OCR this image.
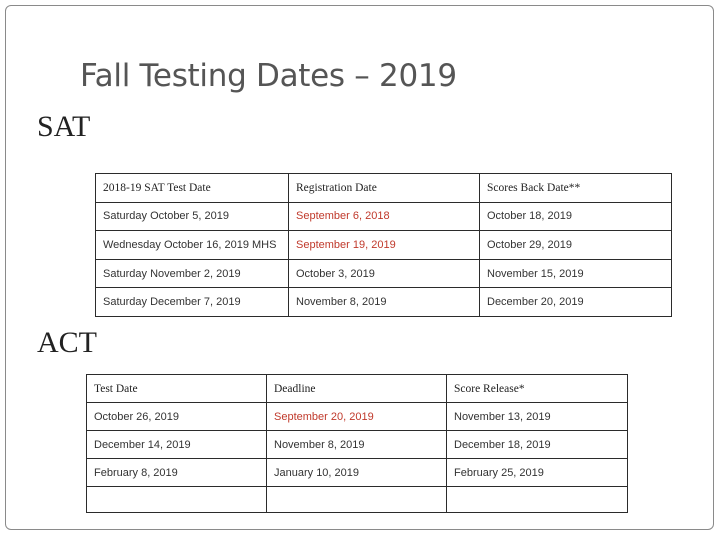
Fall Testing Dates – 2019
SAT
2018-19 SAT Test Date	Registration Date	Scores Back Date**
Saturday October 5, 2019	September 6, 2018	October 18, 2019
Wednesday October 16, 2019 MHS	September 19, 2019	October 29, 2019
Saturday November 2, 2019	October 3, 2019	November 15, 2019
Saturday December 7, 2019	November 8, 2019	December 20, 2019
ACT
Test Date	Deadline	Score Release*
October 26, 2019	September 20, 2019	November 13, 2019
December 14, 2019	November 8, 2019	December 18, 2019
February 8, 2019	January 10, 2019	February 25, 2019
